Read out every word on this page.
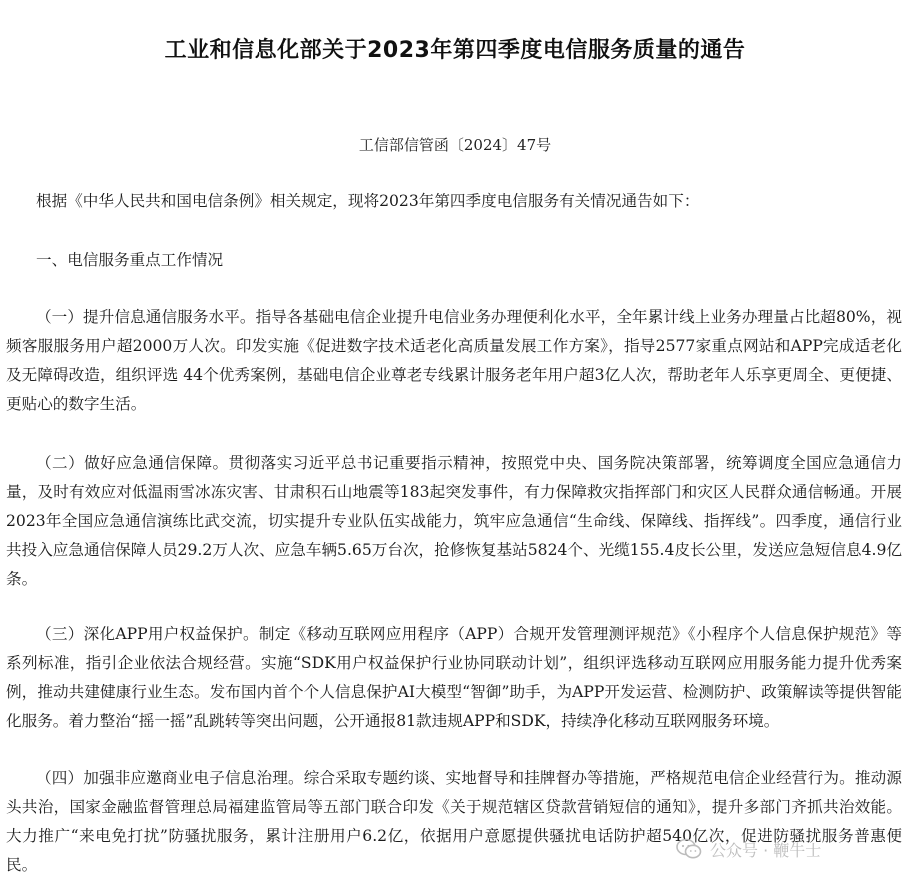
工业和信息化部关于2023年第四季度电信服务质量的通告
工信部信管函〔2024〕47号

根据《中华人民共和国电信条例》相关规定，现将2023年第四季度电信服务有关情况通告如下：

一、电信服务重点工作情况

（一）提升信息通信服务水平。指导各基础电信企业提升电信业务办理便利化水平，全年累计线上业务办理量占比超80%，视频客服服务用户超2000万人次。印发实施《促进数字技术适老化高质量发展工作方案》，指导2577家重点网站和APP完成适老化及无障碍改造，组织评选 44个优秀案例，基础电信企业尊老专线累计服务老年用户超3亿人次，帮助老年人乐享更周全、更便捷、更贴心的数字生活。

（二）做好应急通信保障。贯彻落实习近平总书记重要指示精神，按照党中央、国务院决策部署，统筹调度全国应急通信力量，及时有效应对低温雨雪冰冻灾害、甘肃积石山地震等183起突发事件，有力保障救灾指挥部门和灾区人民群众通信畅通。开展2023年全国应急通信演练比武交流，切实提升专业队伍实战能力，筑牢应急通信“生命线、保障线、指挥线”。四季度，通信行业共投入应急通信保障人员29.2万人次、应急车辆5.65万台次，抢修恢复基站5824个、光缆155.4皮长公里，发送应急短信息4.9亿条。

（三）深化APP用户权益保护。制定《移动互联网应用程序（APP）合规开发管理测评规范》《小程序个人信息保护规范》等系列标准，指引企业依法合规经营。实施“SDK用户权益保护行业协同联动计划”，组织评选移动互联网应用服务能力提升优秀案例，推动共建健康行业生态。发布国内首个个人信息保护AI大模型“智御”助手，为APP开发运营、检测防护、政策解读等提供智能化服务。着力整治“摇一摇”乱跳转等突出问题，公开通报81款违规APP和SDK，持续净化移动互联网服务环境。

（四）加强非应邀商业电子信息治理。综合采取专题约谈、实地督导和挂牌督办等措施，严格规范电信企业经营行为。推动源头共治，国家金融监督管理总局福建监管局等五部门联合印发《关于规范辖区贷款营销短信的通知》，提升多部门齐抓共治效能。大力推广“来电免打扰”防骚扰服务，累计注册用户6.2亿，依据用户意愿提供骚扰电话防护超540亿次，促进防骚扰服务普惠便民。

公众号 · 鞭牛士
